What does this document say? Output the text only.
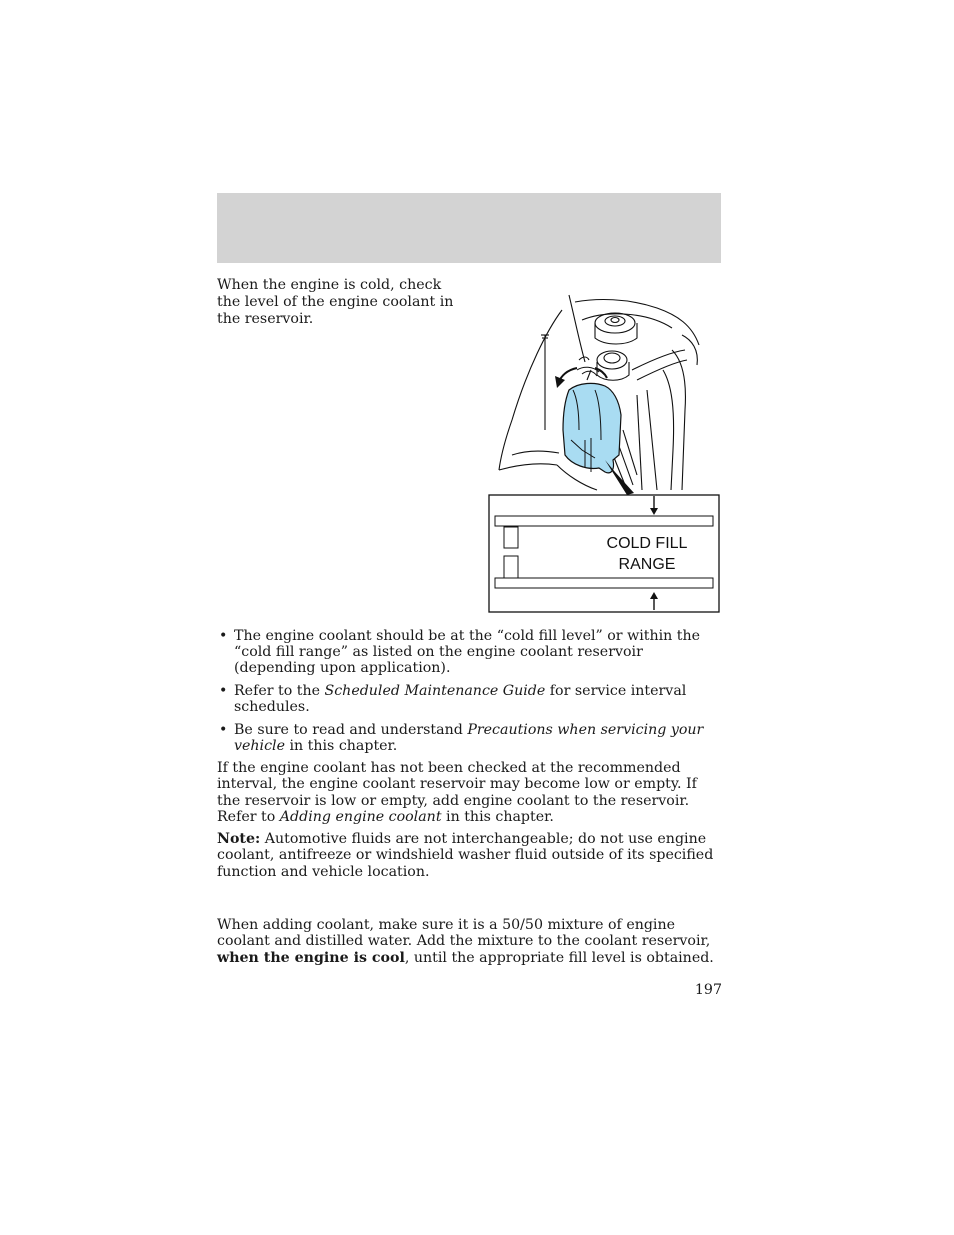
When the engine is cold, check the level of the engine coolant in the reservoir.

COLD FILL
RANGE
• The engine coolant should be at the “cold fill level” or within the “cold fill range” as listed on the engine coolant reservoir (depending upon application).
• Refer to the Scheduled Maintenance Guide for service interval schedules.
• Be sure to read and understand Precautions when servicing your vehicle in this chapter.

If the engine coolant has not been checked at the recommended interval, the engine coolant reservoir may become low or empty. If the reservoir is low or empty, add engine coolant to the reservoir. Refer to Adding engine coolant in this chapter.

Note: Automotive fluids are not interchangeable; do not use engine coolant, antifreeze or windshield washer fluid outside of its specified function and vehicle location.

When adding coolant, make sure it is a 50/50 mixture of engine coolant and distilled water. Add the mixture to the coolant reservoir, when the engine is cool, until the appropriate fill level is obtained.

197
